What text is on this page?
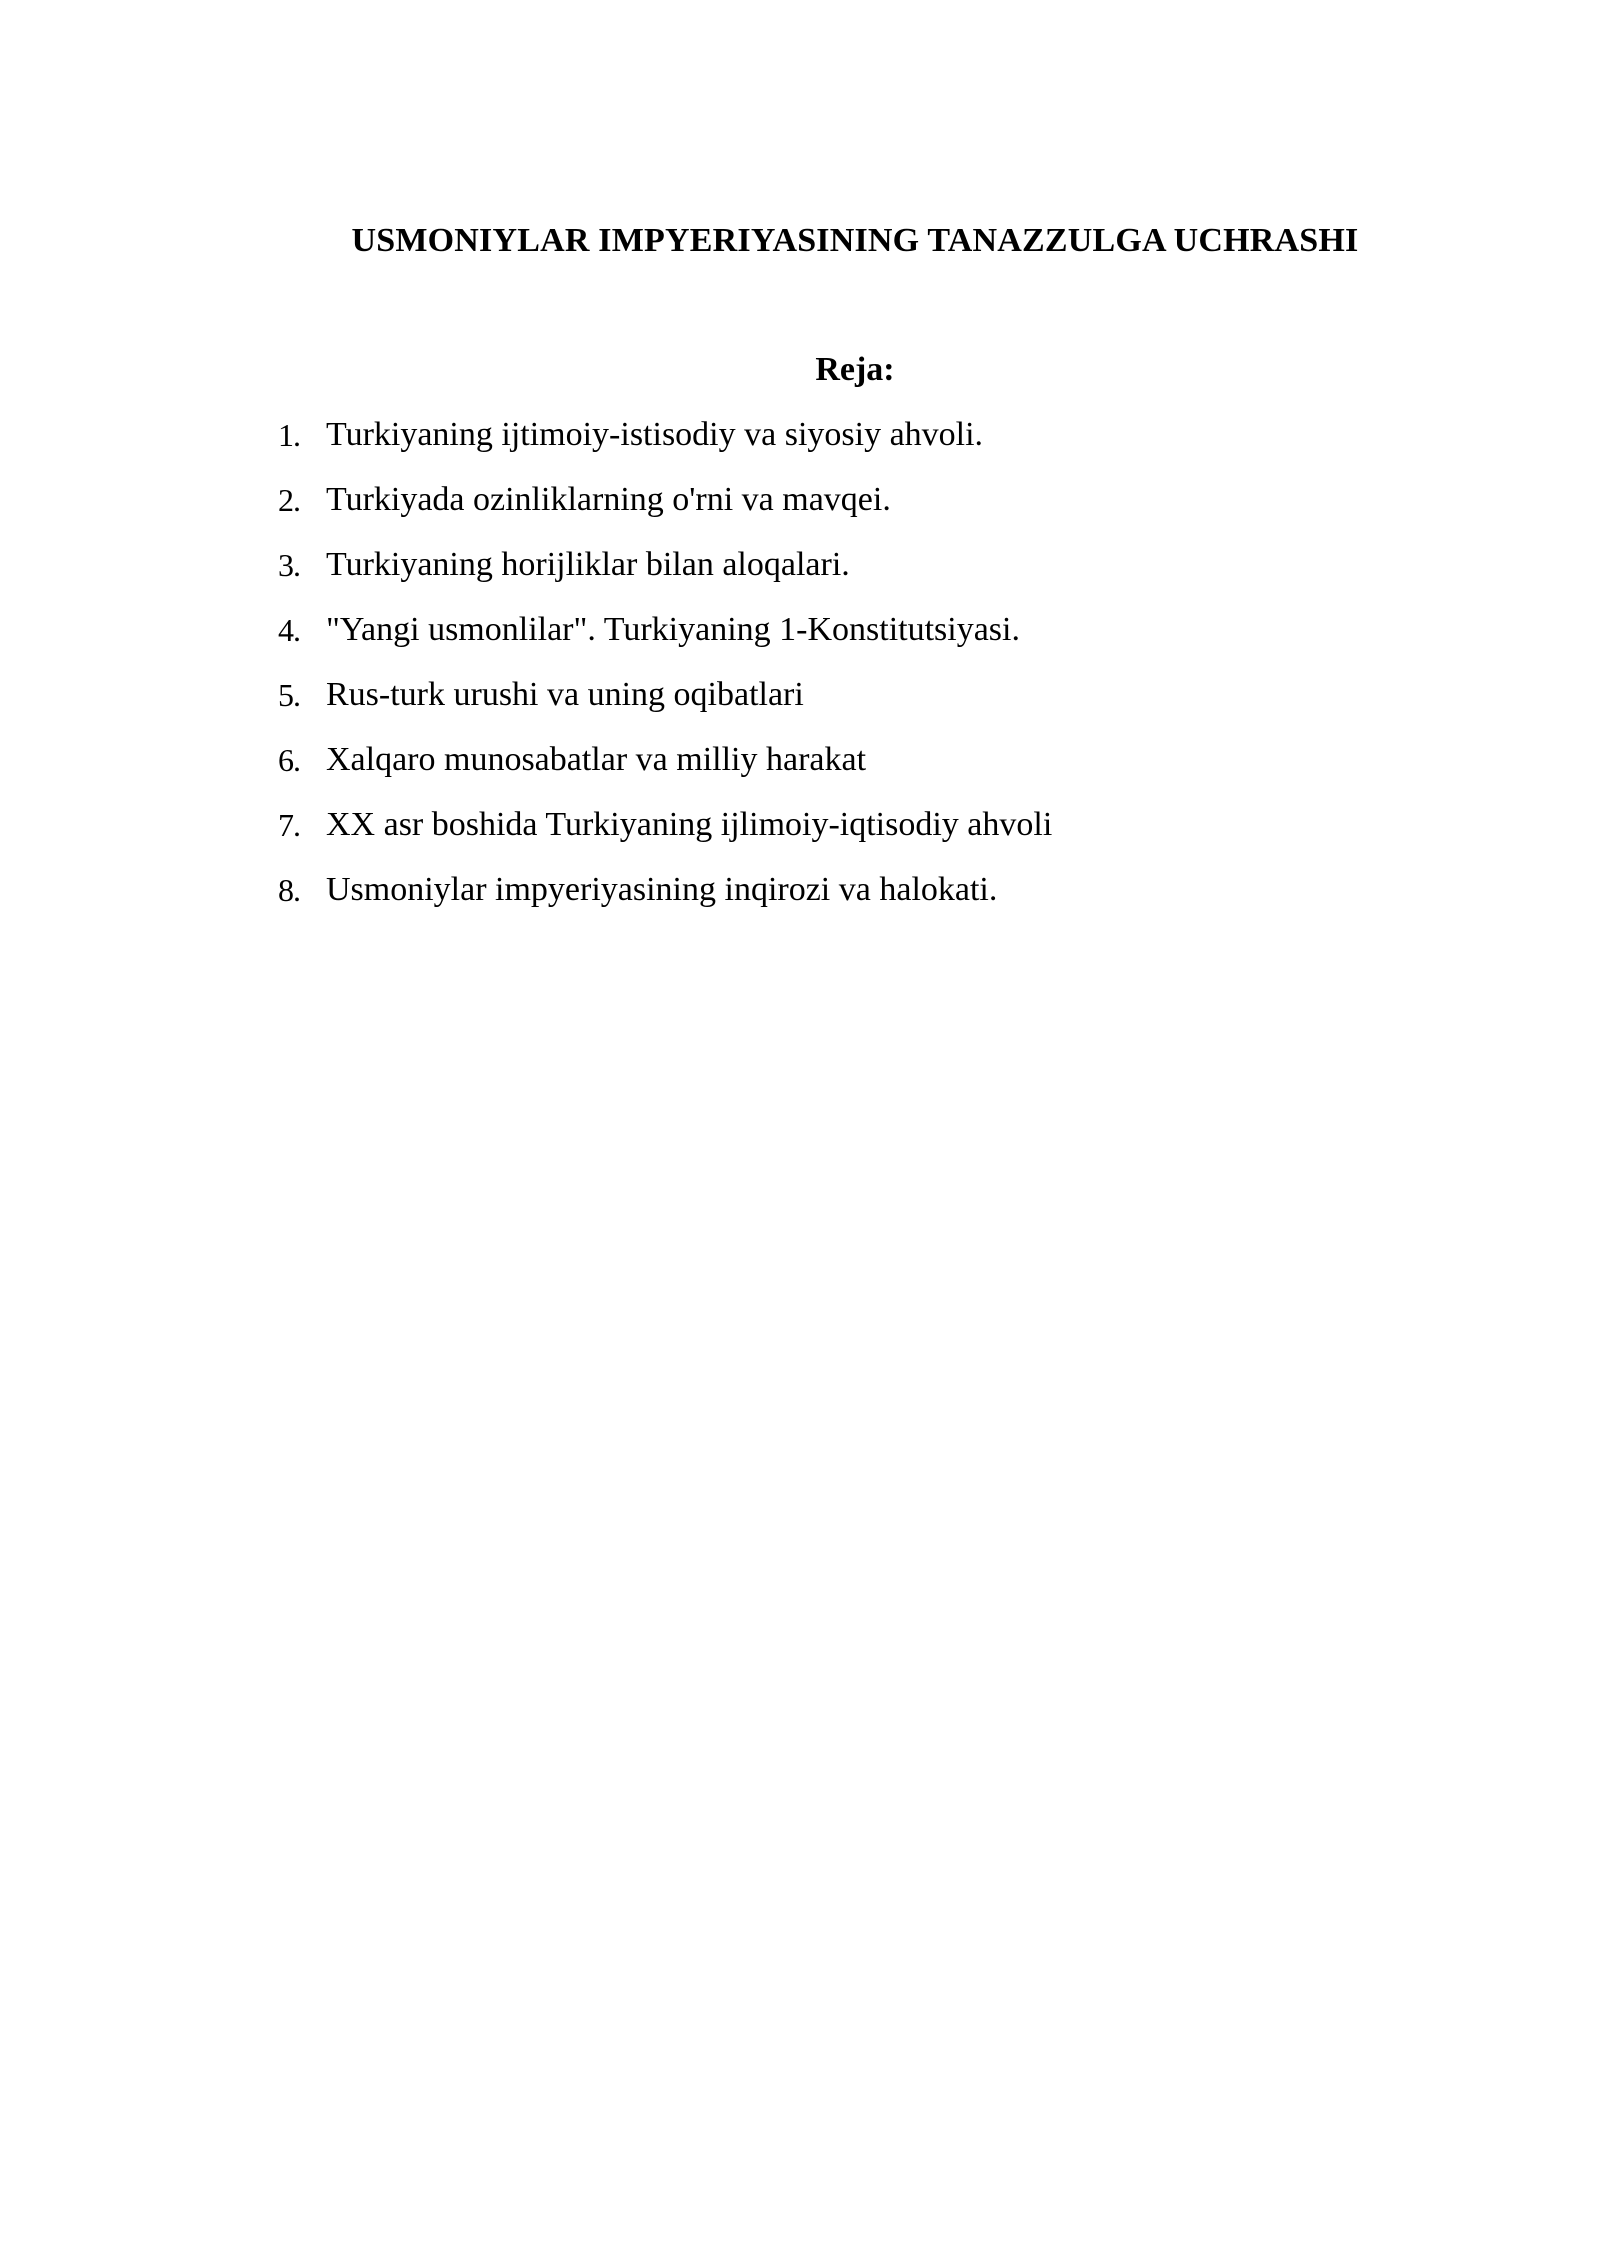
USMONIYLAR IMPYERIYASINING TANAZZULGA UCHRASHI
Reja:
1. Turkiyaning ijtimoiy-istisodiy va siyosiy ahvoli.
2. Turkiyada ozinliklarning o'rni va mavqei.
3. Turkiyaning horijliklar bilan aloqalari.
4. "Yangi usmonlilar". Turkiyaning 1-Konstitutsiyasi.
5. Rus-turk urushi va uning oqibatlari
6. Xalqaro munosabatlar va milliy harakat
7. XX asr boshida Turkiyaning ijlimoiy-iqtisodiy ahvoli
8. Usmoniylar impyeriyasining inqirozi va halokati.
